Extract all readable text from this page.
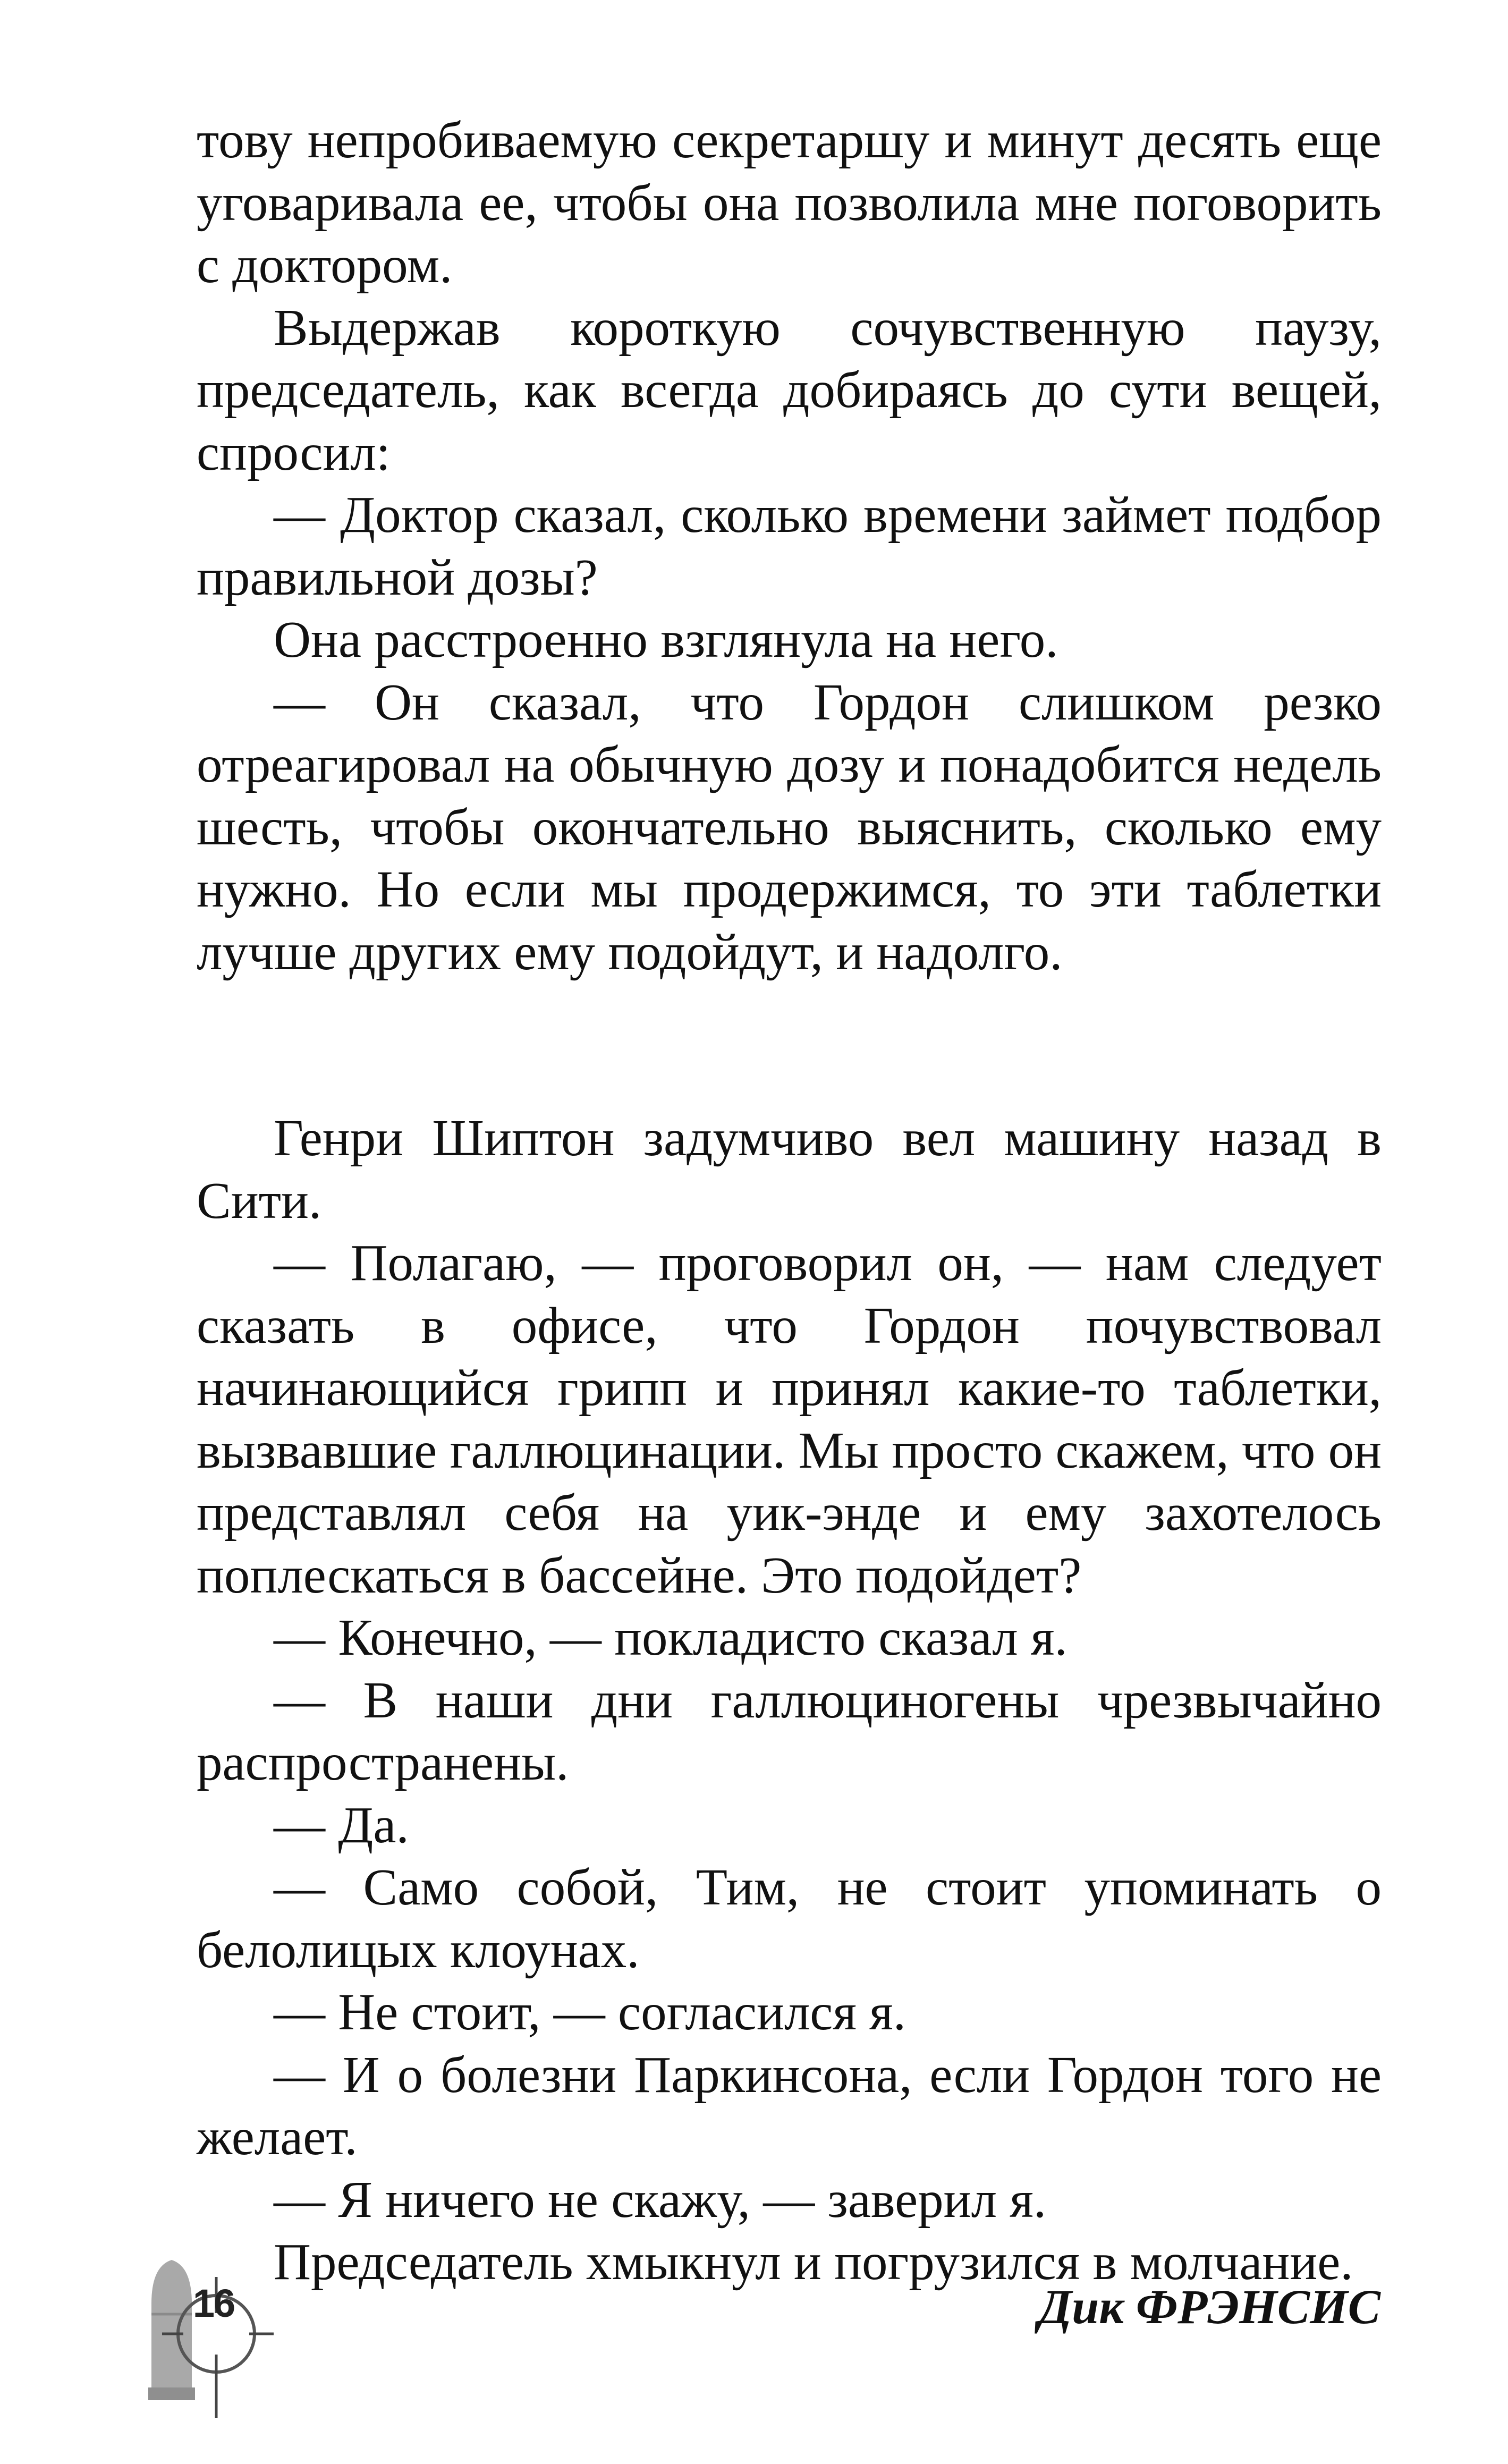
тову непробиваемую секретаршу и минут десять еще уговаривала ее, чтобы она позволила мне поговорить с доктором.

Выдержав короткую сочувственную паузу, председатель, как всегда добираясь до сути вещей, спросил:

— Доктор сказал, сколько времени займет подбор правильной дозы?

Она расстроенно взглянула на него.

— Он сказал, что Гордон слишком резко отреагировал на обычную дозу и понадобится недель шесть, чтобы окончательно выяснить, сколько ему нужно. Но если мы продержимся, то эти таблетки лучше других ему подойдут, и надолго.

Генри Шиптон задумчиво вел машину назад в Сити.

— Полагаю, — проговорил он, — нам следует сказать в офисе, что Гордон почувствовал начинающийся грипп и принял какие-то таблетки, вызвавшие галлюцинации. Мы просто скажем, что он представлял себя на уик-энде и ему захотелось поплескаться в бассейне. Это подойдет?

— Конечно, — покладисто сказал я.

— В наши дни галлюциногены чрезвычайно распространены.

— Да.

— Само собой, Тим, не стоит упоминать о белолицых клоунах.

— Не стоит, — согласился я.

— И о болезни Паркинсона, если Гордон того не желает.

— Я ничего не скажу, — заверил я.

Председатель хмыкнул и погрузился в молчание.

16	Дик ФРЭНСИС
